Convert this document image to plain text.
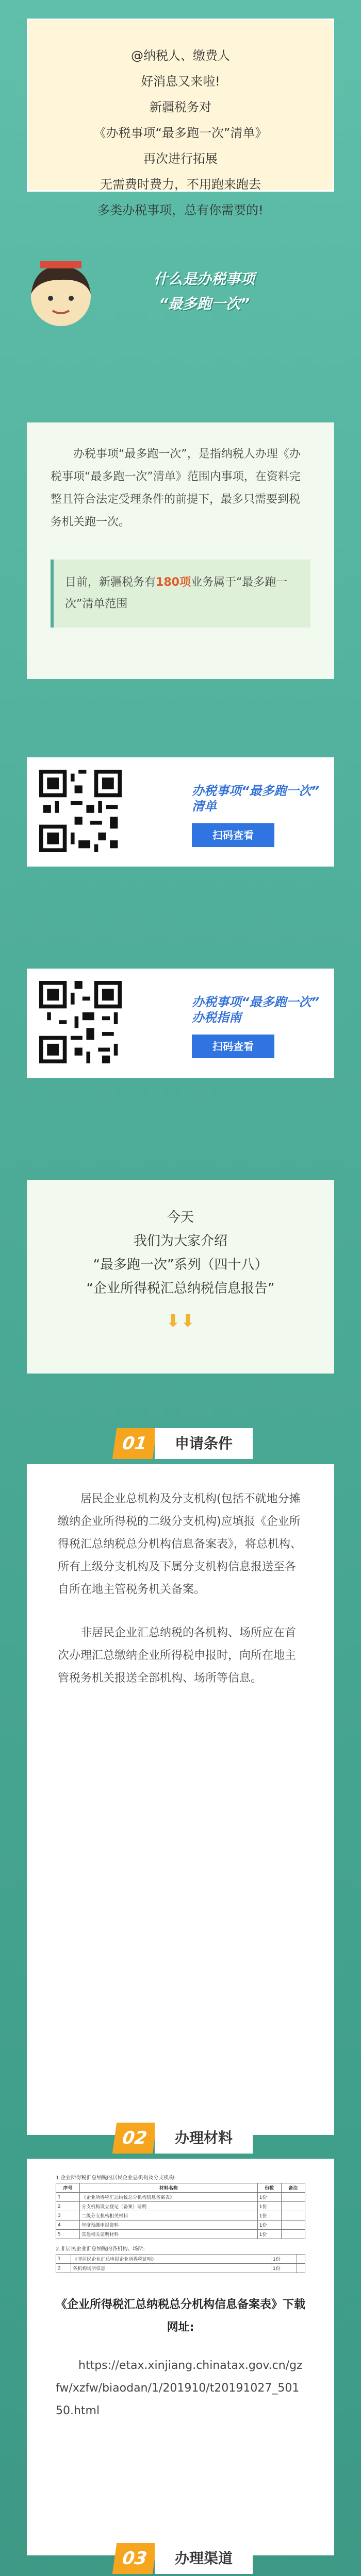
@纳税人、缴费人

好消息又来啦!

新疆税务对

《办税事项“最多跑一次”清单》

再次进行拓展

无需费时费力，不用跑来跑去

多类办税事项，总有你需要的!

什么是办税事项
“最多跑一次”

办税事项“最多跑一次”，是指纳税人办理《办税事项“最多跑一次”清单》范围内事项，在资料完整且符合法定受理条件的前提下，最多只需要到税务机关跑一次。

目前，新疆税务有180项业务属于“最多跑一次”清单范围
办税事项“最多跑一次”
清单
扫码查看
办税事项“最多跑一次”
办税指南
扫码查看

今天

我们为大家介绍

“最多跑一次”系列（四十八）

“企业所得税汇总纳税信息报告”

⬇⬇
01	申请条件

居民企业总机构及分支机构(包括不就地分摊缴纳企业所得税的二级分支机构)应填报《企业所得税汇总纳税总分机构信息备案表》，将总机构、所有上级分支机构及下属分支机构信息报送至各自所在地主管税务机关备案。

非居民企业汇总纳税的各机构、场所应在首次办理汇总缴纳企业所得税申报时，向所在地主管税务机关报送全部机构、场所等信息。

02	办理材料
1.企业所得税汇总纳税的居民企业总机构及分支机构:
序号	材料名称	份数	备注
1	《企业所得税汇总纳税总分机构信息备案表》	1份	
2	分支机构设立登记（备案）证明	1份	
3	二级分支机构相关材料	1份	
4	年度预缴申报资料	1份	
5	其他相关证明材料	1份	
2.非居民企业汇总纳税的各机构、场所:
1	《非居民企业汇总申报企业所得税证明》	1份	
2	各机构场所信息	1份	
《企业所得税汇总纳税总分机构信息备案表》下载网址:
https://etax.xinjiang.chinatax.gov.cn/gzfw/xzfw/biaodan/1/201910/t20191027_50150.html
03	办理渠道
